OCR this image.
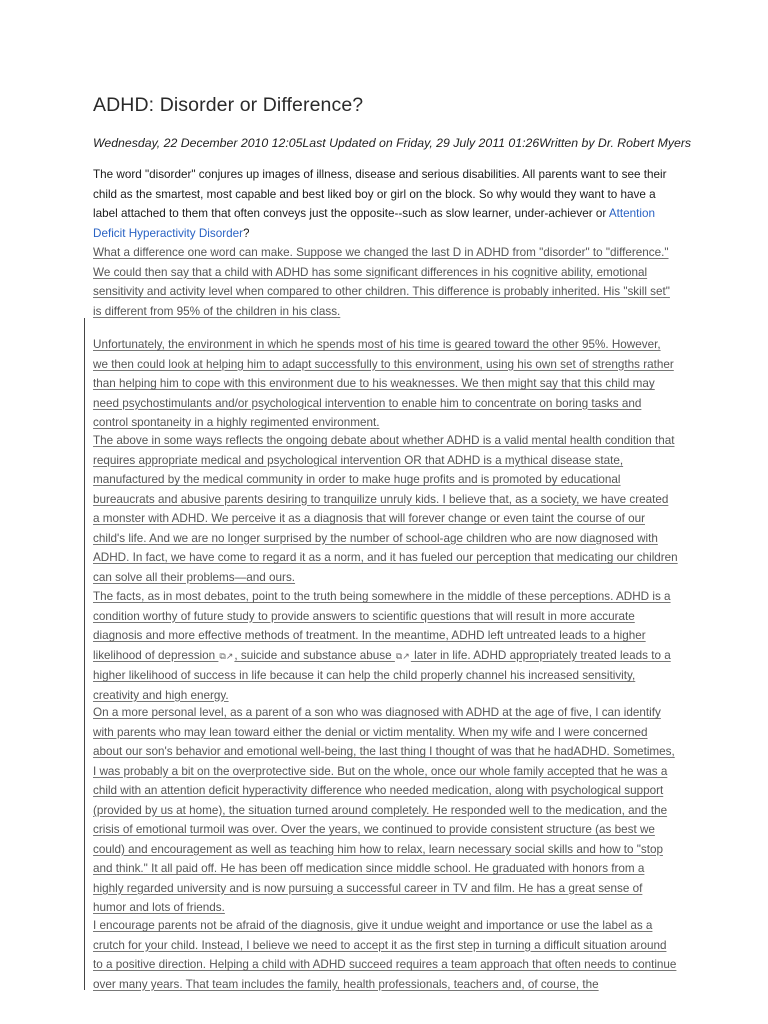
ADHD: Disorder or Difference?

Wednesday, 22 December 2010 12:05Last Updated on Friday, 29 July 2011 01:26Written by Dr. Robert Myers

The word "disorder" conjures up images of illness, disease and serious disabilities. All parents want to see their child as the smartest, most capable and best liked boy or girl on the block. So why would they want to have a label attached to them that often conveys just the opposite--such as slow learner, under-achiever or Attention Deficit Hyperactivity Disorder?

What a difference one word can make. Suppose we changed the last D in ADHD from "disorder" to "difference." We could then say that a child with ADHD has some significant differences in his cognitive ability, emotional sensitivity and activity level when compared to other children. This difference is probably inherited. His "skill set" is different from 95% of the children in his class.

Unfortunately, the environment in which he spends most of his time is geared toward the other 95%. However, we then could look at helping him to adapt successfully to this environment, using his own set of strengths rather than helping him to cope with this environment due to his weaknesses. We then might say that this child may need psychostimulants and/or psychological intervention to enable him to concentrate on boring tasks and control spontaneity in a highly regimented environment.

The above in some ways reflects the ongoing debate about whether ADHD is a valid mental health condition that requires appropriate medical and psychological intervention OR that ADHD is a mythical disease state, manufactured by the medical community in order to make huge profits and is promoted by educational bureaucrats and abusive parents desiring to tranquilize unruly kids. I believe that, as a society, we have created a monster with ADHD. We perceive it as a diagnosis that will forever change or even taint the course of our child's life. And we are no longer surprised by the number of school-age children who are now diagnosed with ADHD. In fact, we have come to regard it as a norm, and it has fueled our perception that medicating our children can solve all their problems—and ours.

The facts, as in most debates, point to the truth being somewhere in the middle of these perceptions. ADHD is a condition worthy of future study to provide answers to scientific questions that will result in more accurate diagnosis and more effective methods of treatment. In the meantime, ADHD left untreated leads to a higher likelihood of depression ⧉↗, suicide and substance abuse ⧉↗ later in life. ADHD appropriately treated leads to a higher likelihood of success in life because it can help the child properly channel his increased sensitivity, creativity and high energy.

On a more personal level, as a parent of a son who was diagnosed with ADHD at the age of five, I can identify with parents who may lean toward either the denial or victim mentality. When my wife and I were concerned about our son's behavior and emotional well-being, the last thing I thought of was that he hadADHD. Sometimes, I was probably a bit on the overprotective side. But on the whole, once our whole family accepted that he was a child with an attention deficit hyperactivity difference who needed medication, along with psychological support (provided by us at home), the situation turned around completely. He responded well to the medication, and the crisis of emotional turmoil was over. Over the years, we continued to provide consistent structure (as best we could) and encouragement as well as teaching him how to relax, learn necessary social skills and how to "stop and think." It all paid off. He has been off medication since middle school. He graduated with honors from a highly regarded university and is now pursuing a successful career in TV and film. He has a great sense of humor and lots of friends.

I encourage parents not be afraid of the diagnosis, give it undue weight and importance or use the label as a crutch for your child. Instead, I believe we need to accept it as the first step in turning a difficult situation around to a positive direction. Helping a child with ADHD succeed requires a team approach that often needs to continue over many years. That team includes the family, health professionals, teachers and, of course, the
